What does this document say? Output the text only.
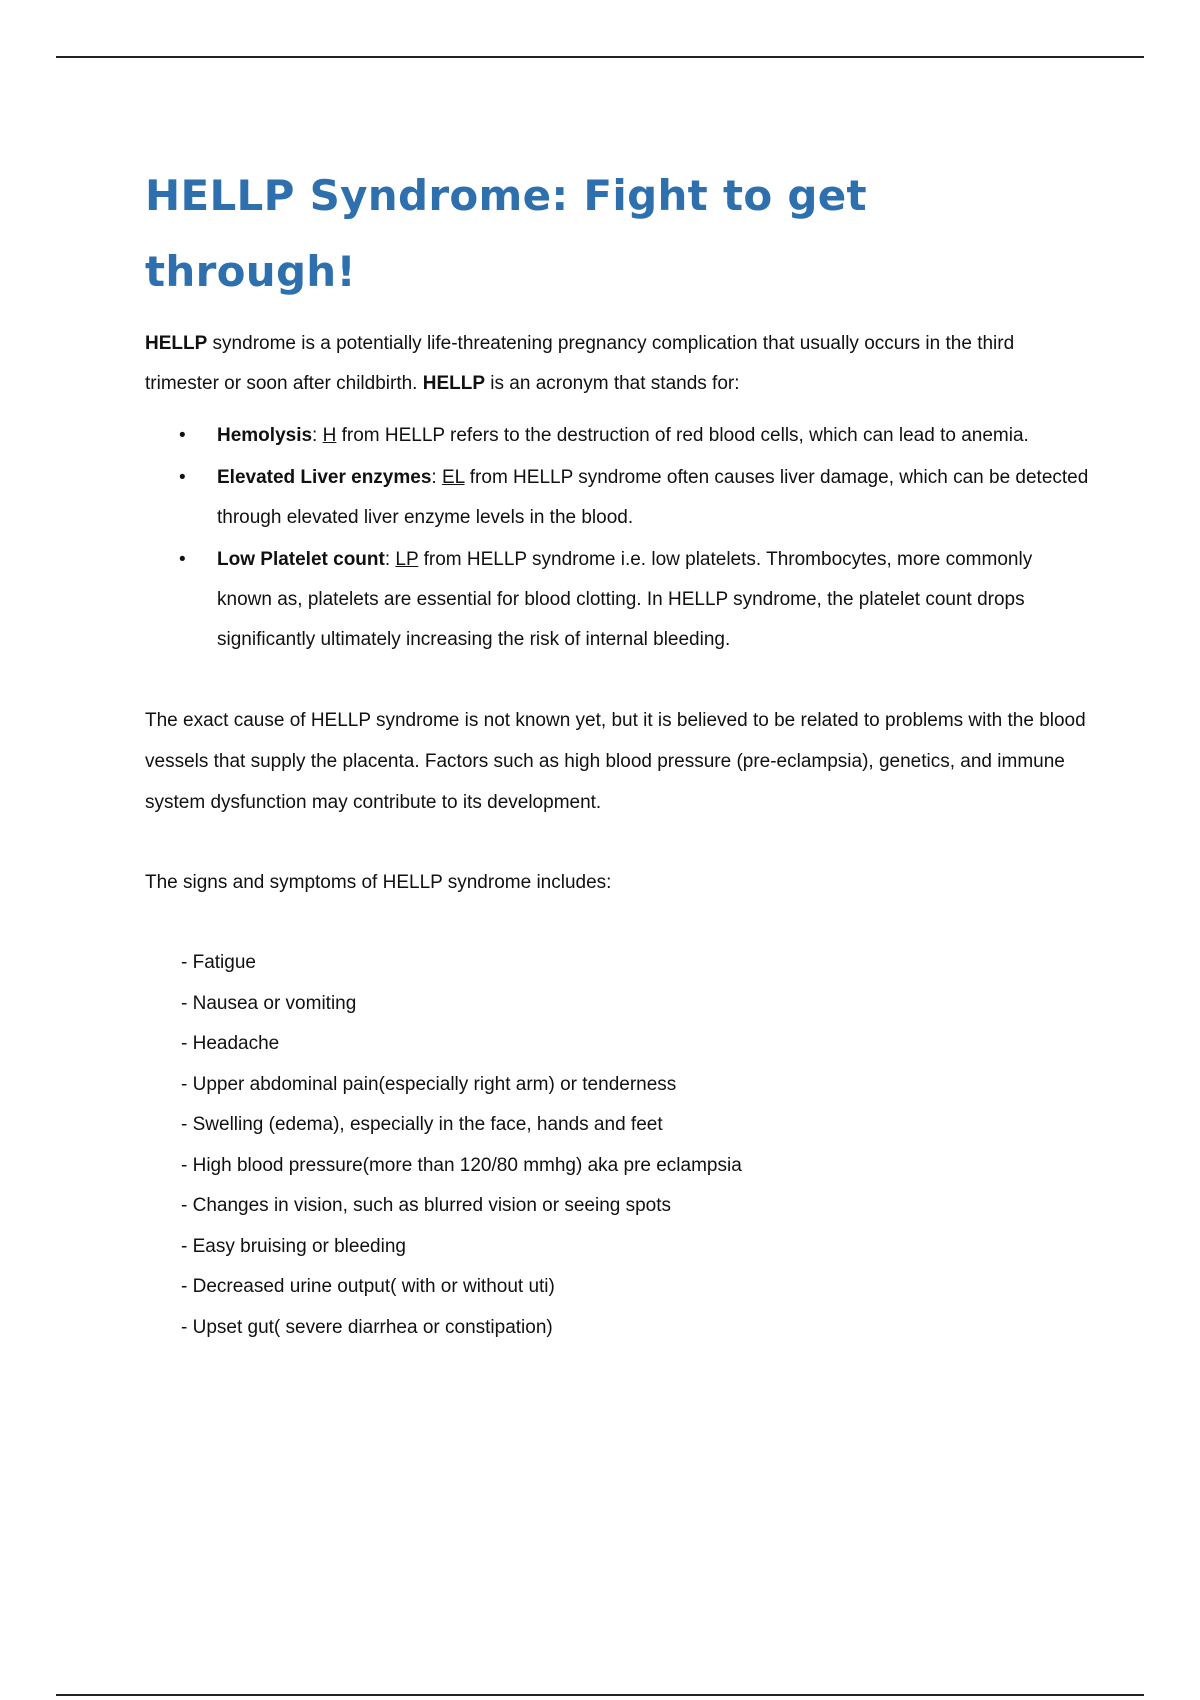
HELLP Syndrome: Fight to get through!

HELLP syndrome is a potentially life-threatening pregnancy complication that usually occurs in the third trimester or soon after childbirth. HELLP is an acronym that stands for:

• Hemolysis: H from HELLP refers to the destruction of red blood cells, which can lead to anemia.
• Elevated Liver enzymes: EL from HELLP syndrome often causes liver damage, which can be detected through elevated liver enzyme levels in the blood.
• Low Platelet count: LP from HELLP syndrome i.e. low platelets. Thrombocytes, more commonly known as, platelets are essential for blood clotting. In HELLP syndrome, the platelet count drops significantly ultimately increasing the risk of internal bleeding.

The exact cause of HELLP syndrome is not known yet, but it is believed to be related to problems with the blood vessels that supply the placenta. Factors such as high blood pressure (pre-eclampsia), genetics, and immune system dysfunction may contribute to its development.

The signs and symptoms of HELLP syndrome includes:

- Fatigue
- Nausea or vomiting
- Headache
- Upper abdominal pain(especially right arm) or tenderness
- Swelling (edema), especially in the face, hands and feet
- High blood pressure(more than 120/80 mmhg) aka pre eclampsia
- Changes in vision, such as blurred vision or seeing spots
- Easy bruising or bleeding
- Decreased urine output( with or without uti)
- Upset gut( severe diarrhea or constipation)
